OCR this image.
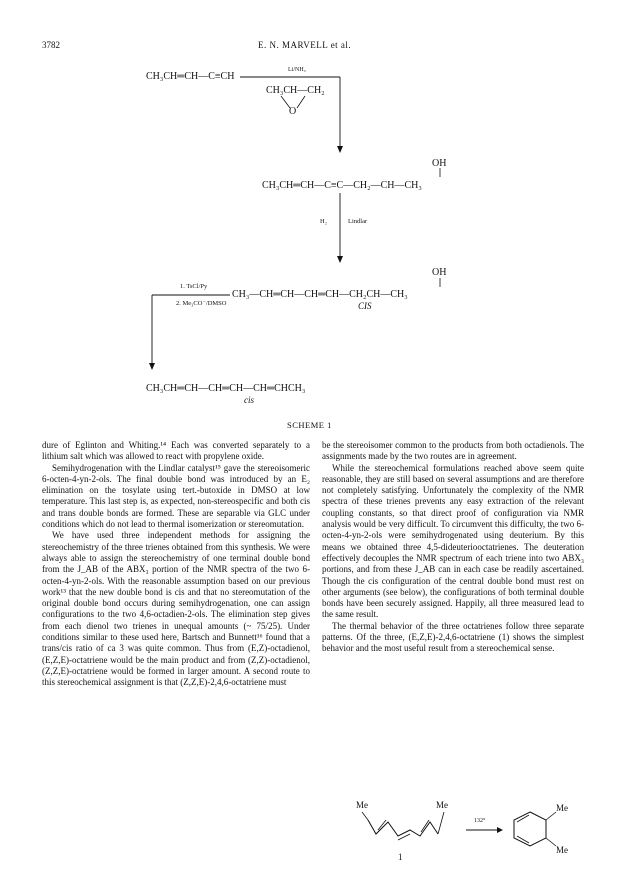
3782	E. N. MARVELL et al.
CH₃CH═CH—C≡CH
Li/NH₃
CH₃CH—CH₂
O
OH
CH₃CH═CH—C≡C—CH₂—CH—CH₃
H₂	Lindlar
OH
1. TsCl/Py
2. Me₃CO⁻/DMSO
CH₃—CH═CH—CH═CH—CH₂CH—CH₃
CIS
CH₃CH═CH—CH═CH—CH═CHCH₃
cis
SCHEME 1

dure of Eglinton and Whiting.¹⁴ Each was converted separately to a lithium salt which was allowed to react with propylene oxide.

Semihydrogenation with the Lindlar catalyst¹⁵ gave the stereoisomeric 6-octen-4-yn-2-ols. The final double bond was introduced by an E₂ elimination on the tosylate using tert.-butoxide in DMSO at low temperature. This last step is, as expected, non-stereospecific and both cis and trans double bonds are formed. These are separable via GLC under conditions which do not lead to thermal isomerization or stereomutation.

We have used three independent methods for assigning the stereochemistry of the three trienes obtained from this synthesis. We were always able to assign the stereochemistry of one terminal double bond from the J_AB of the ABX₃ portion of the NMR spectra of the two 6-octen-4-yn-2-ols. With the reasonable assumption based on our previous work¹³ that the new double bond is cis and that no stereomutation of the original double bond occurs during semihydrogenation, one can assign configurations to the two 4,6-octadien-2-ols. The elimination step gives from each dienol two trienes in unequal amounts (~ 75/25). Under conditions similar to these used here, Bartsch and Bunnett¹⁶ found that a trans/cis ratio of ca 3 was quite common. Thus from (E,Z)-octadienol, (E,Z,E)-octatriene would be the main product and from (Z,Z)-octadienol, (Z,Z,E)-octatriene would be formed in larger amount. A second route to this stereochemical assignment is that (Z,Z,E)-2,4,6-octatriene must

be the stereoisomer common to the products from both octadienols. The assignments made by the two routes are in agreement.

While the stereochemical formulations reached above seem quite reasonable, they are still based on several assumptions and are therefore not completely satisfying. Unfortunately the complexity of the NMR spectra of these trienes prevents any easy extraction of the relevant coupling constants, so that direct proof of configuration via NMR analysis would be very difficult. To circumvent this difficulty, the two 6-octen-4-yn-2-ols were semihydrogenated using deuterium. By this means we obtained three 4,5-dideuteriooctatrienes. The deuteration effectively decouples the NMR spectrum of each triene into two ABX₃ portions, and from these J_AB can in each case be readily ascertained. Though the cis configuration of the central double bond must rest on other arguments (see below), the configurations of both terminal double bonds have been securely assigned. Happily, all three measured lead to the same result.

The thermal behavior of the three octatrienes follow three separate patterns. Of the three, (E,Z,E)-2,4,6-octatriene (1) shows the simplest behavior and the most useful result from a stereochemical sense.

Me	Me
132°
1
Me
Me
